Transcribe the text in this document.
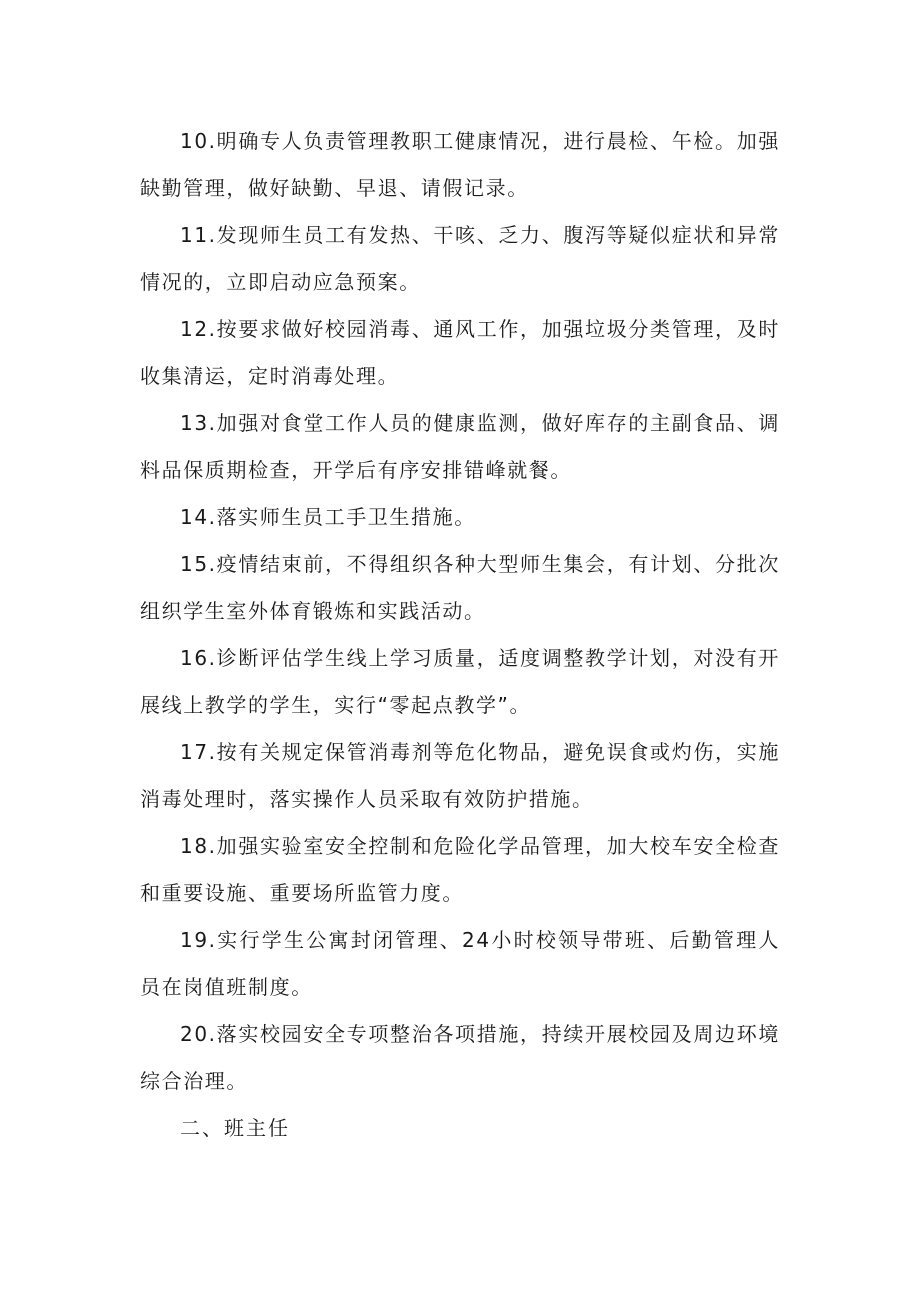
10.明确专人负责管理教职工健康情况，进行晨检、午检。加强缺勤管理，做好缺勤、早退、请假记录。

11.发现师生员工有发热、干咳、乏力、腹泻等疑似症状和异常情况的，立即启动应急预案。

12.按要求做好校园消毒、通风工作，加强垃圾分类管理，及时收集清运，定时消毒处理。

13.加强对食堂工作人员的健康监测，做好库存的主副食品、调料品保质期检查，开学后有序安排错峰就餐。

14.落实师生员工手卫生措施。

15.疫情结束前，不得组织各种大型师生集会，有计划、分批次组织学生室外体育锻炼和实践活动。

16.诊断评估学生线上学习质量，适度调整教学计划，对没有开展线上教学的学生，实行“零起点教学”。

17.按有关规定保管消毒剂等危化物品，避免误食或灼伤，实施消毒处理时，落实操作人员采取有效防护措施。

18.加强实验室安全控制和危险化学品管理，加大校车安全检查和重要设施、重要场所监管力度。

19.实行学生公寓封闭管理、24小时校领导带班、后勤管理人员在岗值班制度。

20.落实校园安全专项整治各项措施，持续开展校园及周边环境综合治理。

二、班主任
